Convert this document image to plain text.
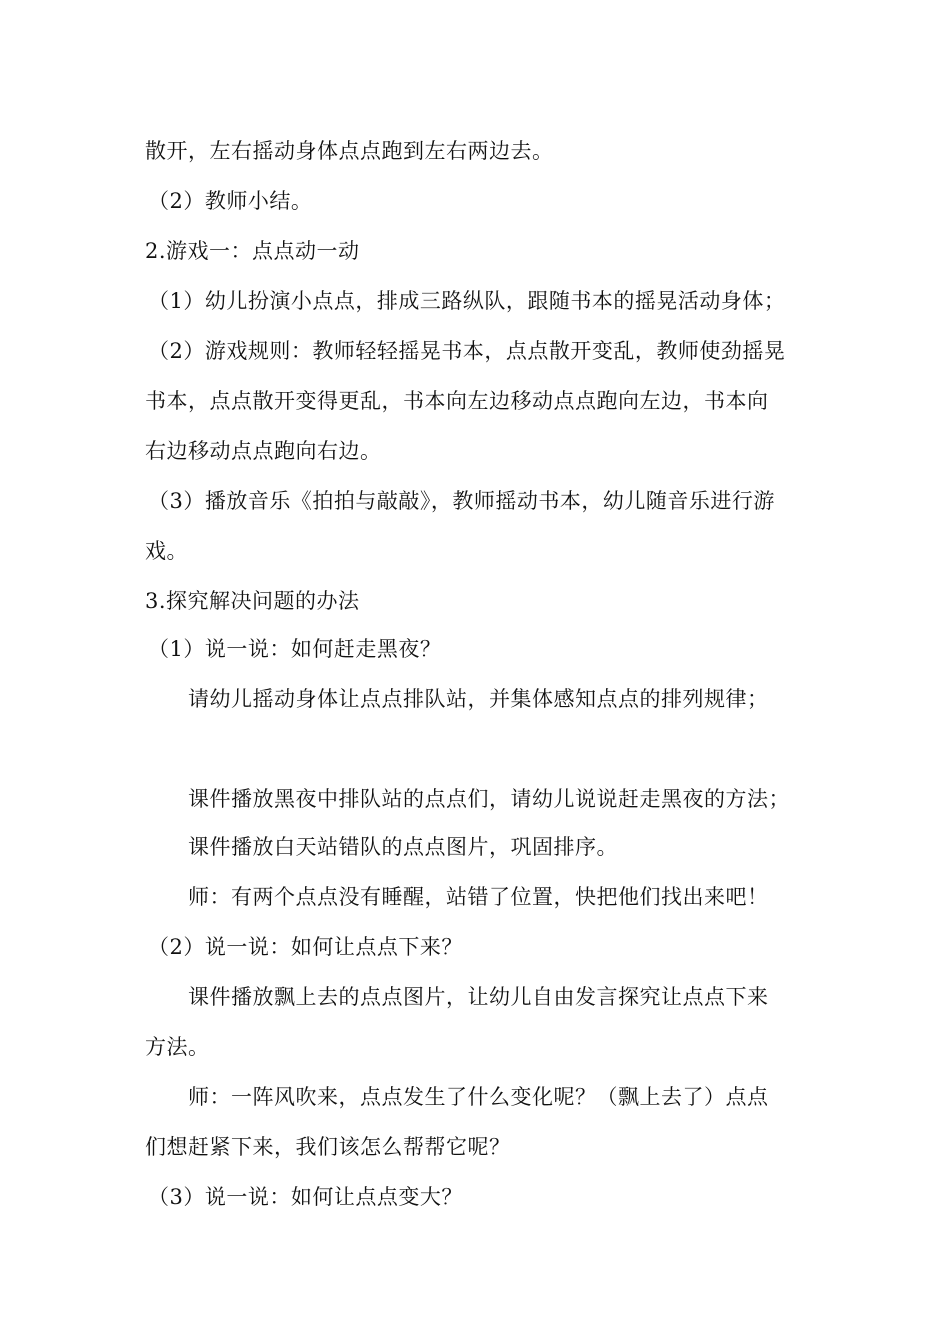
散开，左右摇动身体点点跑到左右两边去。
（2）教师小结。
2.游戏一：点点动一动
（1）幼儿扮演小点点，排成三路纵队，跟随书本的摇晃活动身体；
（2）游戏规则：教师轻轻摇晃书本，点点散开变乱，教师使劲摇晃
书本，点点散开变得更乱，书本向左边移动点点跑向左边，书本向
右边移动点点跑向右边。
（3）播放音乐《拍拍与敲敲》，教师摇动书本，幼儿随音乐进行游
戏。
3.探究解决问题的办法
（1）说一说：如何赶走黑夜？
请幼儿摇动身体让点点排队站，并集体感知点点的排列规律；
课件播放黑夜中排队站的点点们，请幼儿说说赶走黑夜的方法；
课件播放白天站错队的点点图片，巩固排序。
师：有两个点点没有睡醒，站错了位置，快把他们找出来吧！
（2）说一说：如何让点点下来？
课件播放飘上去的点点图片，让幼儿自由发言探究让点点下来
方法。
师：一阵风吹来，点点发生了什么变化呢？（飘上去了）点点
们想赶紧下来，我们该怎么帮帮它呢？
（3）说一说：如何让点点变大？
